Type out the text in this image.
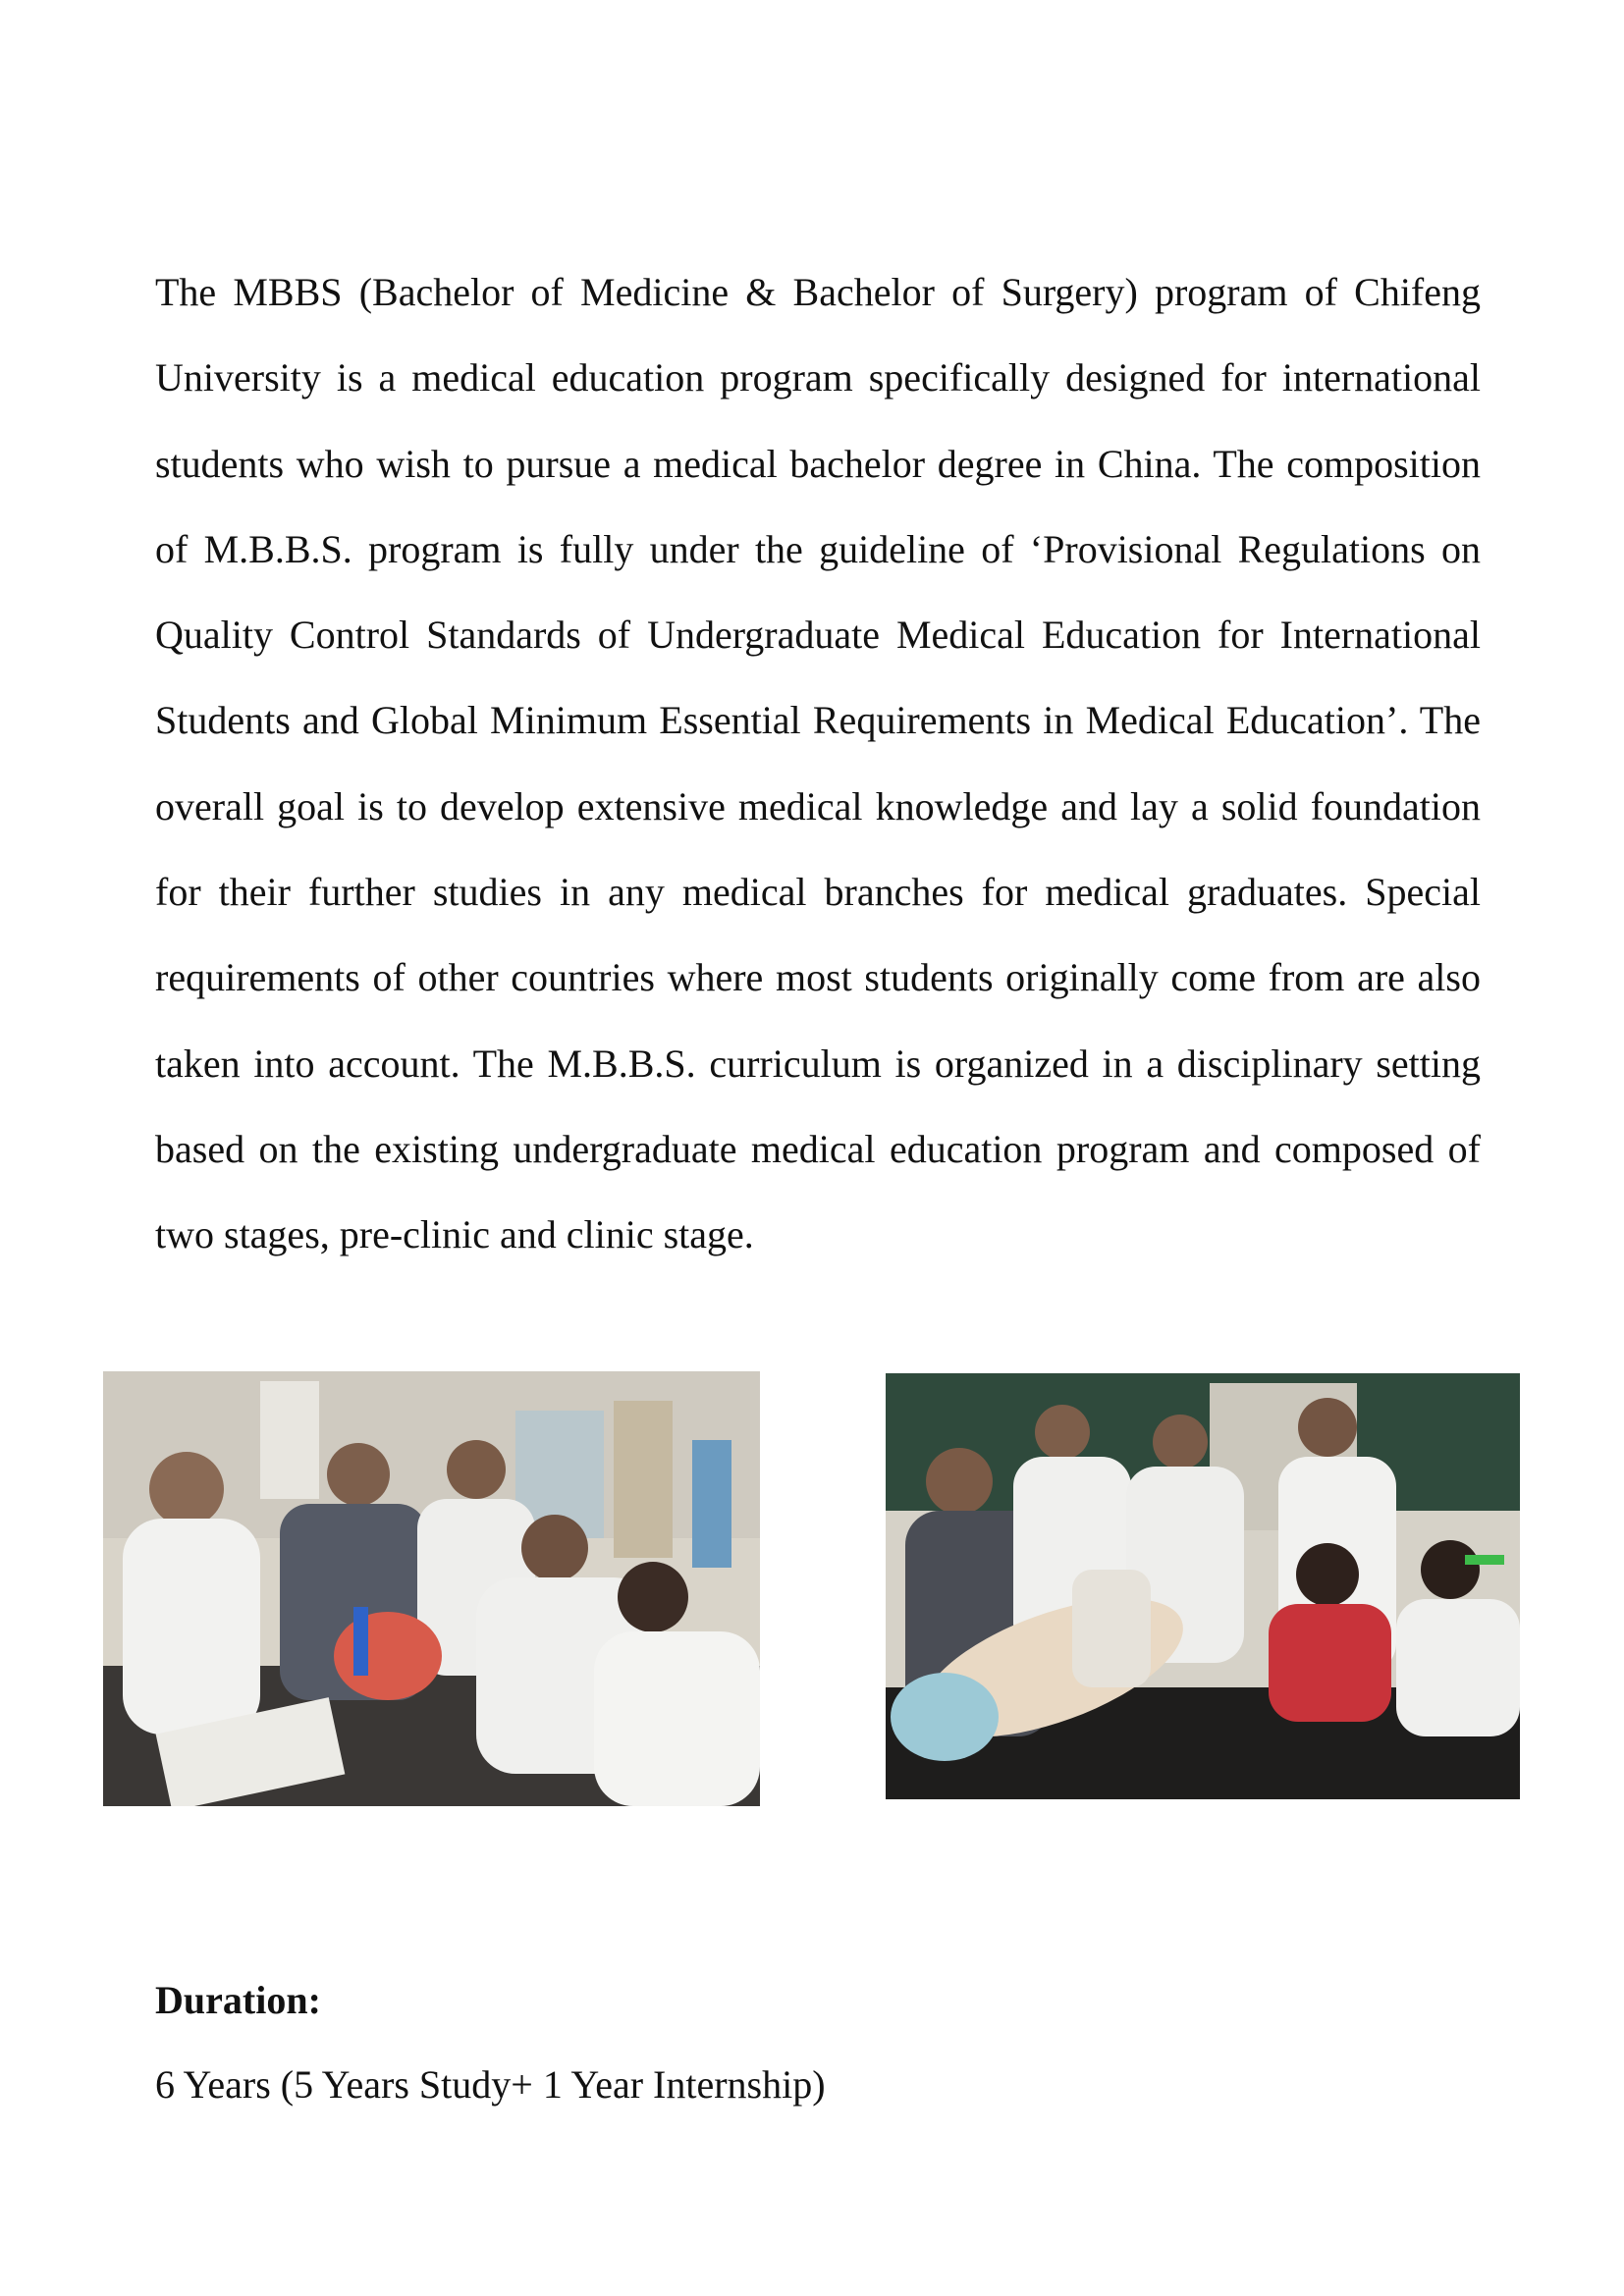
The MBBS (Bachelor of Medicine & Bachelor of Surgery) program of Chifeng University is a medical education program specifically designed for international students who wish to pursue a medical bachelor degree in China. The composition of M.B.B.S. program is fully under the guideline of ‘Provisional Regulations on Quality Control Standards of Undergraduate Medical Education for International Students and Global Minimum Essential Requirements in Medical Education’. The overall goal is to develop extensive medical knowledge and lay a solid foundation for their further studies in any medical branches for medical graduates. Special requirements of other countries where most students originally come from are also taken into account. The M.B.B.S. curriculum is organized in a disciplinary setting based on the existing undergraduate medical education program and composed of two stages, pre-clinic and clinic stage.

Duration:

6 Years (5 Years Study+ 1 Year Internship)
